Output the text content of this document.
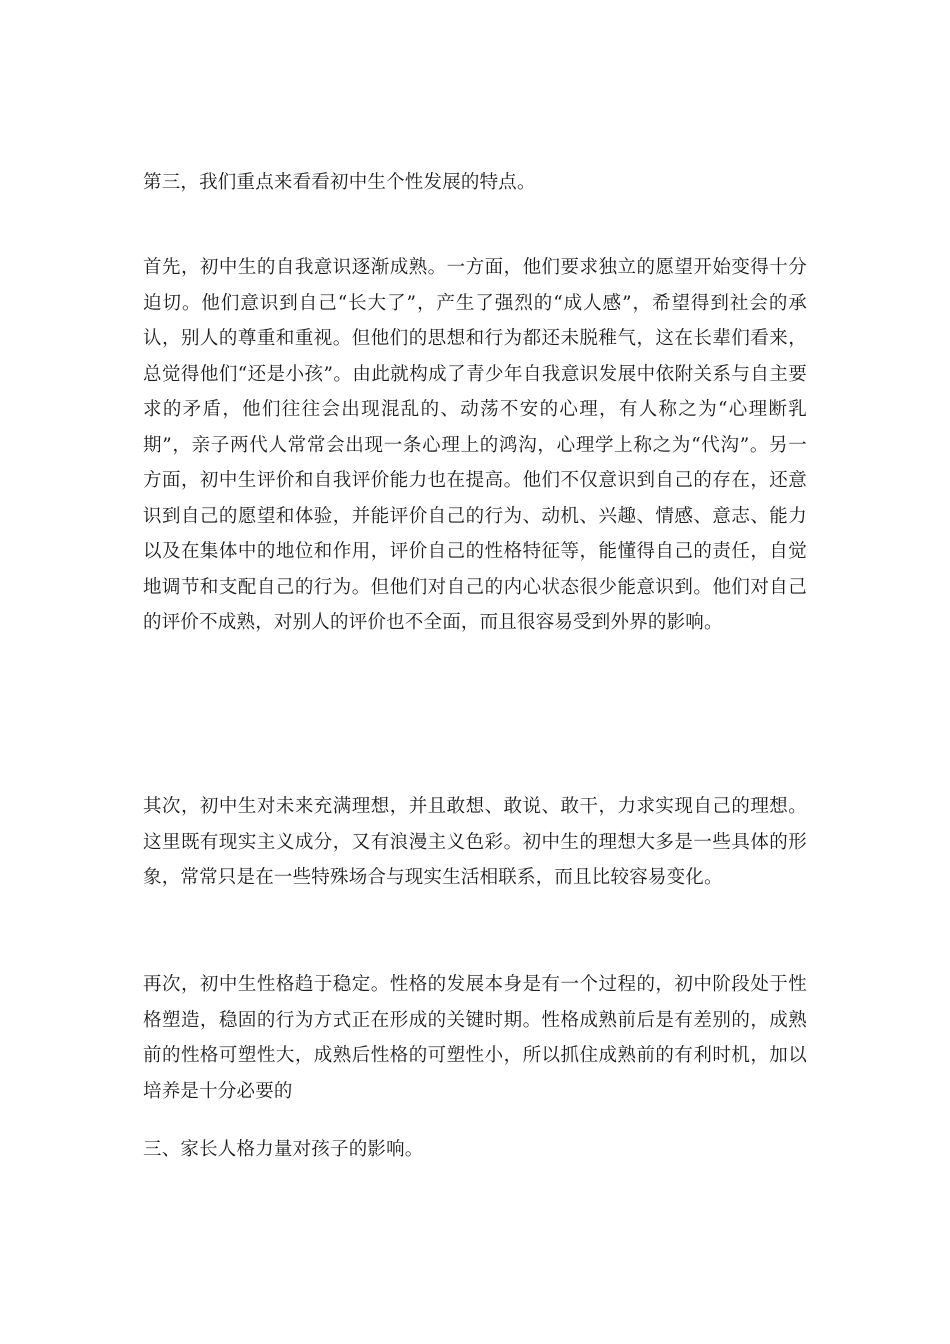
第三，我们重点来看看初中生个性发展的特点。

首先，初中生的自我意识逐渐成熟。一方面，他们要求独立的愿望开始变得十分迫切。他们意识到自己“长大了”，产生了强烈的“成人感”，希望得到社会的承认，别人的尊重和重视。但他们的思想和行为都还未脱稚气，这在长辈们看来，总觉得他们“还是小孩”。由此就构成了青少年自我意识发展中依附关系与自主要求的矛盾，他们往往会出现混乱的、动荡不安的心理，有人称之为“心理断乳期”，亲子两代人常常会出现一条心理上的鸿沟，心理学上称之为“代沟”。另一方面，初中生评价和自我评价能力也在提高。他们不仅意识到自己的存在，还意识到自己的愿望和体验，并能评价自己的行为、动机、兴趣、情感、意志、能力以及在集体中的地位和作用，评价自己的性格特征等，能懂得自己的责任，自觉地调节和支配自己的行为。但他们对自己的内心状态很少能意识到。他们对自己的评价不成熟，对别人的评价也不全面，而且很容易受到外界的影响。

其次，初中生对未来充满理想，并且敢想、敢说、敢干，力求实现自己的理想。这里既有现实主义成分，又有浪漫主义色彩。初中生的理想大多是一些具体的形象，常常只是在一些特殊场合与现实生活相联系，而且比较容易变化。

再次，初中生性格趋于稳定。性格的发展本身是有一个过程的，初中阶段处于性格塑造，稳固的行为方式正在形成的关键时期。性格成熟前后是有差别的，成熟前的性格可塑性大，成熟后性格的可塑性小，所以抓住成熟前的有利时机，加以培养是十分必要的

三、家长人格力量对孩子的影响。
